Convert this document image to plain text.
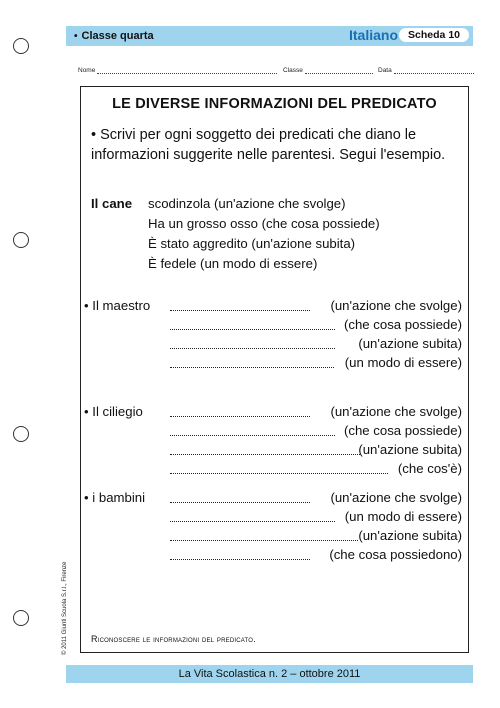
• Classe quarta	Italiano Scheda 10
Nome	Classe	Data
LE DIVERSE INFORMAZIONI DEL PREDICATO
• Scrivi per ogni soggetto dei predicati che diano le informazioni suggerite nelle parentesi. Segui l'esempio.
Il cane	scodinzola (un'azione che svolge)
Ha un grosso osso (che cosa possiede)
È stato aggredito (un'azione subita)
È fedele (un modo di essere)
• Il maestro	(un'azione che svolge)
(che cosa possiede)
(un'azione subita)
(un modo di essere)
• Il ciliegio	(un'azione che svolge)
(che cosa possiede)
(un'azione subita)
(che cos'è)
• i bambini	(un'azione che svolge)
(un modo di essere)
(un'azione subita)
(che cosa possiedono)
Riconoscere le informazioni del predicato.
© 2011 Giunti Scuola S.r.l., Firenze
La Vita Scolastica n. 2 – ottobre 2011
